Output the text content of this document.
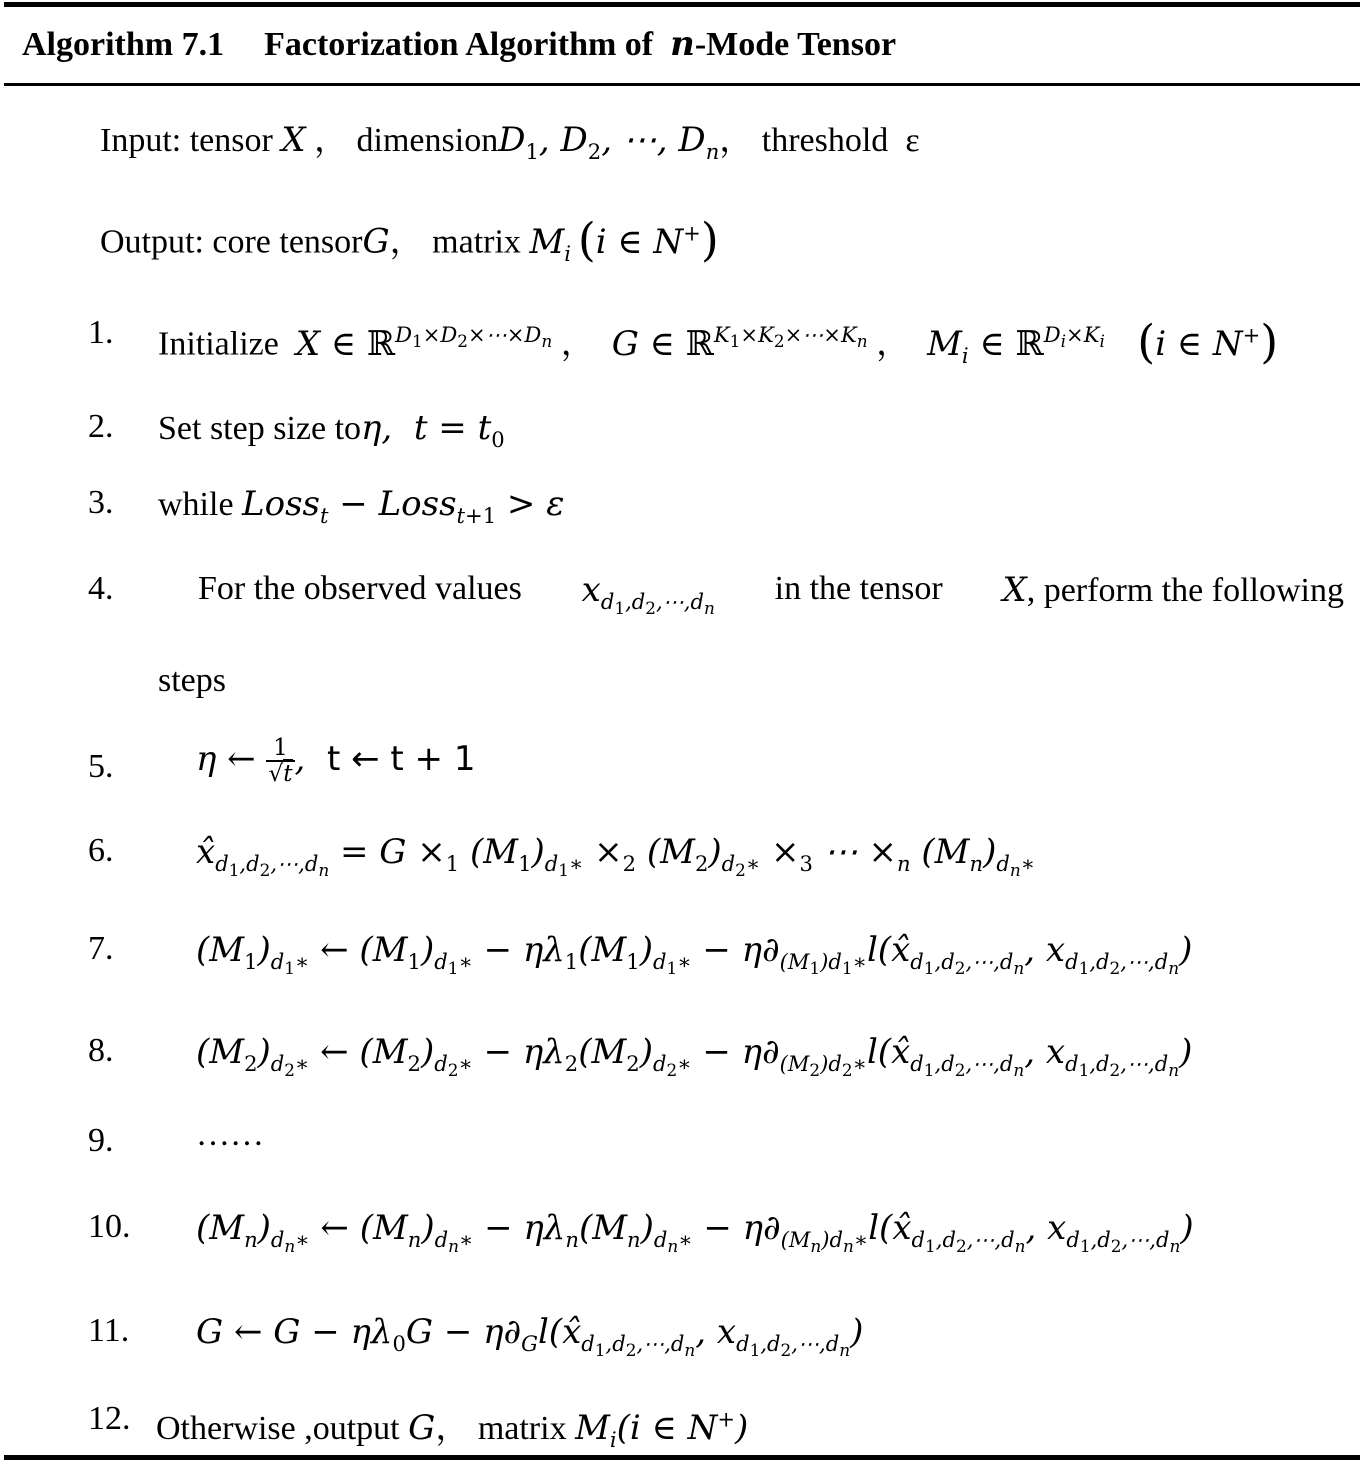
Algorithm 7.1 Factorization Algorithm of n-Mode Tensor
Input: tensor X ， dimensionD$_1$, $D_2$, ⋯, $D_n$， threshold ε
Output: core tensorG， matrix $M_i$  (i ∈ N+)
1. Initialize X ∈ ℝ$^{D_1\times D_2\times\cdots\times D_n}$ ，  G ∈ ℝ$^{K_1\times K_2\times\cdots\times K_n}$ ，  $M_i$ ∈ ℝ$^{D_i\times K_i}$ (i ∈ N+)
2. Set step size toη,  $t = t_0$
3. while Loss$_t$ − Loss$_{t+1}$ > ε
4. For the observed values $x_{d_1,d_2,\cdots,d_n}$
in the tensor X, perform the following
steps
5. η ← $\frac{1}{√t}$ ,  t ← t + 1
6. $x̂_{d_1,d_2,\cdots,d_n} = G \times_1$ $(M_1)_{d_1∗} \times_2$ $(M_2)_{d_2∗} \times_3$ ⋯ $\times_n$ $(M_n)_{d_n∗}$
7. $(M_1)_{d_1∗}$ ← $(M_1)_{d_1∗} - \eta\lambda_1(M_1)_{d_1∗}$ − $\eta\partial_{(M_1)d_1∗}l(x̂_{d_1,d_2,\cdots,d_n}$, $x_{d_1,d_2,\cdots,d_n}$)
8. $(M_2)_{d_2∗}$ ← $(M_2)_{d_2∗} - \eta\lambda_2(M_2)_{d_2∗}$ − $\eta\partial_{(M_2)d_2∗}l(x̂_{d_1,d_2,\cdots,d_n}$, $x_{d_1,d_2,\cdots,d_n}$)
9. ……
10. $(M_n)_{d_n∗}$ ← $(M_n)_{d_n∗} - \eta\lambda_n(M_n)_{d_n∗}$ − $\eta\partial_{(M_n)d_n∗}l(x̂_{d_1,d_2,\cdots,d_n}$, $x_{d_1,d_2,\cdots,d_n}$)
11. G ← $G - \eta\lambda_0G$ − $\eta\partial_Gl(x̂_{d_1,d_2,\cdots,d_n}$, $x_{d_1,d_2,\cdots,d_n}$)
12. Otherwise ,output G， matrix $M_i(i$ ∈ N+)
